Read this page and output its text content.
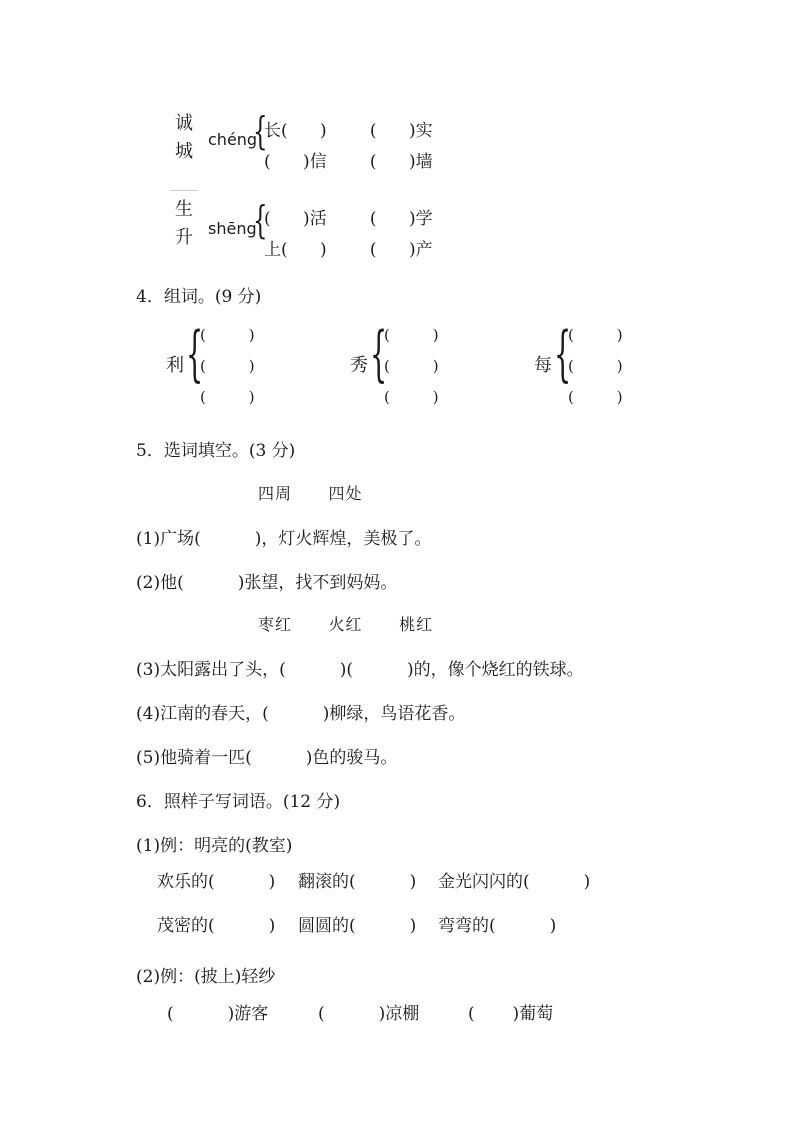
诚
城
chéng
{
长(      )	(      )实
(      )信	(      )墙
生
升 shēng
{
(      )活	(      )学
上(      )	(      )产
4．组词。(9 分)
利 {
(         )
(         )
(         )
秀 {
(         )
(         )
(         )
每 {
(         )
(         )
(         )
5．选词填空。(3 分)
四周 四处
(1)广场(          )，灯火辉煌，美极了。
(2)他(          )张望，找不到妈妈。
枣红 火红 桃红
(3)太阳露出了头，(          )(          )的，像个烧红的铁球。
(4)江南的春天，(          )柳绿，鸟语花香。
(5)他骑着一匹(          )色的骏马。
6．照样子写词语。(12 分)
(1)例：明亮的(教室)
欢乐的(          ) 翻滚的(          ) 金光闪闪的(          )
茂密的(          ) 圆圆的(          ) 弯弯的(          )
(2)例：(披上)轻纱
(          )游客	(          )凉棚	(       )葡萄
